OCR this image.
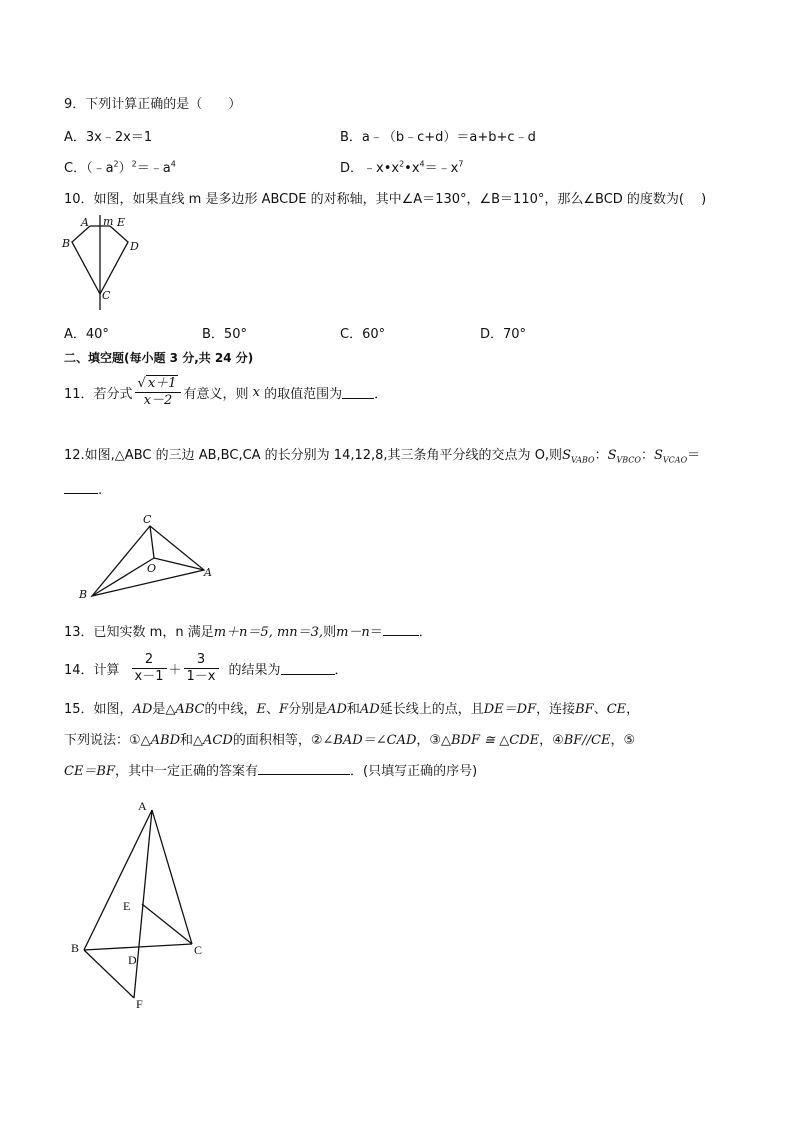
9．下列计算正确的是（　　）
A．3x﹣2x＝1	B．a﹣（b﹣c+d）＝a+b+c﹣d
C．$(﹣a^2)^2=﹣a^4$	D．$﹣x•x^2•x^4=﹣x^7$
10．如图，如果直线 m 是多边形 ABCDE 的对称轴，其中∠A＝130°，∠B＝110°，那么∠BCD 的度数为(　 )
A m E
B	D
C
A．40°	B．50°	C．60°	D．70°
二、填空题(每小题 3 分,共 24 分)
11．若分式 $\frac{√ x+1}{x-2}$ 有意义，则 x 的取值范围为 ．
12.如图,△ABC 的三边 AB,BC,CA 的长分别为 14,12,8,其三条角平分线的交点为 O,则$S_{VABO}$：$S_{VBCO}$：$S_{VCAO}=$
.
C
O	A
B
13．已知实数 m，n 满足m＋n＝5, mn＝3,则m－n＝	．
14．计算 $\frac{2}{x-1} + \frac{3}{1-x}$ 的结果为	．
15．如图，AD是△ABC的中线，E、F分别是AD和AD延长线上的点，且DE＝DF，连接BF、CE，
下列说法：①△ABD和△ACD的面积相等，②∠BAD＝∠CAD，③△BDF ≅ △CDE，④BF//CE，⑤
CE＝BF，其中一定正确的答案有	．(只填写正确的序号)
A
E
B	C
D
F
